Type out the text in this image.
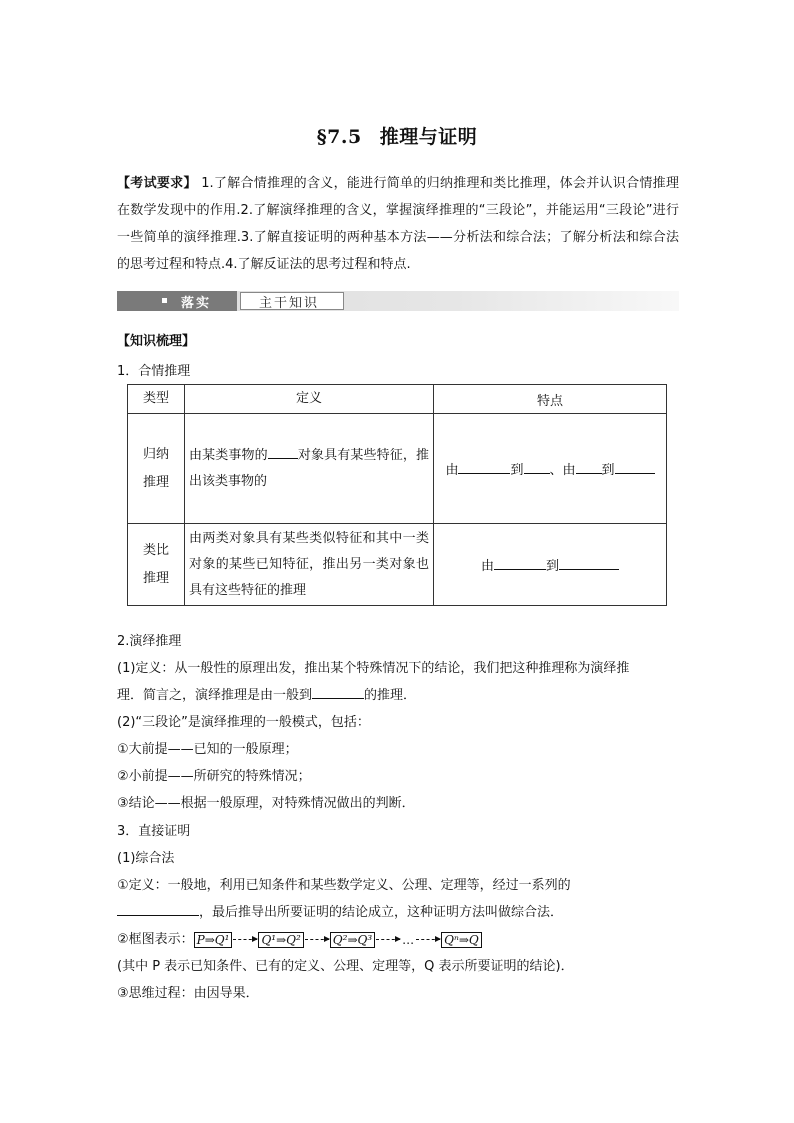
§7.5 推理与证明
【考试要求】 1.了解合情推理的含义，能进行简单的归纳推理和类比推理，体会并认识合情推理在数学发现中的作用.2.了解演绎推理的含义，掌握演绎推理的“三段论”，并能运用“三段论”进行一些简单的演绎推理.3.了解直接证明的两种基本方法——分析法和综合法；了解分析法和综合法的思考过程和特点.4.了解反证法的思考过程和特点.
落实	主干知识
【知识梳理】
1．合情推理
类型	定义	特点

归纳推理	由某类事物的 对象具有某些特征，推出该类事物的	由 到 、由 到

类比推理	由两类对象具有某些类似特征和其中一类对象的某些已知特征，推出另一类对象也具有这些特征的推理	由 到
2.演绎推理
(1)定义：从一般性的原理出发，推出某个特殊情况下的结论，我们把这种推理称为演绎推
理．简言之，演绎推理是由一般到	的推理．
(2)“三段论”是演绎推理的一般模式，包括：
①大前提——已知的一般原理；
②小前提——所研究的特殊情况；
③结论——根据一般原理，对特殊情况做出的判断．
3．直接证明
(1)综合法
①定义：一般地，利用已知条件和某些数学定义、公理、定理等，经过一系列的
，最后推导出所要证明的结论成立，这种证明方法叫做综合法．
②框图表示： P⇒Q¹	Q¹⇒Q²	Q²⇒Q³	…	Qⁿ⇒Q
(其中 P 表示已知条件、已有的定义、公理、定理等，Q 表示所要证明的结论)．
③思维过程：由因导果．
